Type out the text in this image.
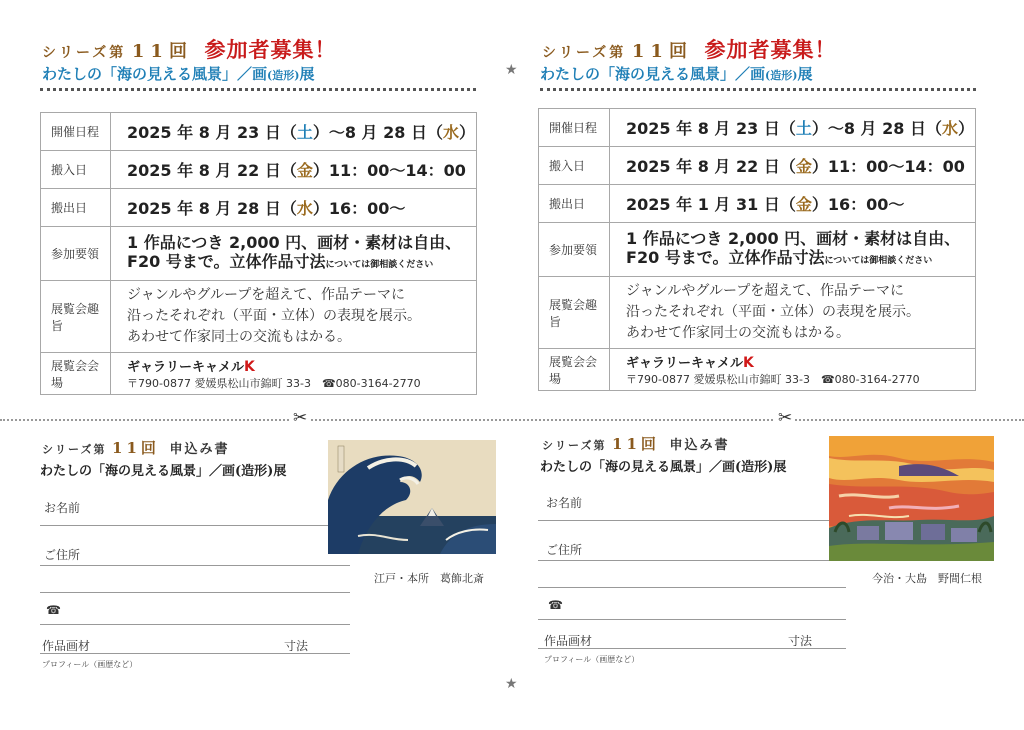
シリーズ第 11回 参加者募集！
わたしの「海の見える風景」／画(造形)展
開催日程	2025 年 8 月 23 日（土）〜8 月 28 日（水）
搬入日	2025 年 8 月 22 日（金）11：00〜14：00
搬出日	2025 年 8 月 28 日（水）16：00〜
参加要領	1 作品につき 2,000 円、画材・素材は自由、
F20 号まで。立体作品寸法については御相談ください

展覧会趣旨	ジャンルやグループを超えて、作品テーマに
沿ったそれぞれ（平面・立体）の表現を展示。
あわせて作家同士の交流もはかる。

展覧会会場	ギャラリーキャメルK
〒790-0877 愛媛県松山市錦町 33-3　 ☎080-3164-2770
シリーズ第 11回 参加者募集！
わたしの「海の見える風景」／画(造形)展
開催日程	2025 年 8 月 23 日（土）〜8 月 28 日（水）
搬入日	2025 年 8 月 22 日（金）11：00〜14：00
搬出日	2025 年 1 月 31 日（金）16：00〜
参加要領	1 作品につき 2,000 円、画材・素材は自由、
F20 号まで。立体作品寸法については御相談ください

展覧会趣旨	ジャンルやグループを超えて、作品テーマに
沿ったそれぞれ（平面・立体）の表現を展示。
あわせて作家同士の交流もはかる。

展覧会会場	ギャラリーキャメルK
〒790-0877 愛媛県松山市錦町 33-3　 ☎080-3164-2770
★
★
✂	✂
シリーズ第 11回 申込み書
わたしの「海の見える風景」／画(造形)展
お名前
ご住所
☎
作品画材	寸法
プロフィール（画歴など）
江戸・本所　葛飾北斎
シリーズ第 11回 申込み書
わたしの「海の見える風景」／画(造形)展
お名前
ご住所
☎
作品画材	寸法
プロフィール（画歴など）
今治・大島　野間仁根
